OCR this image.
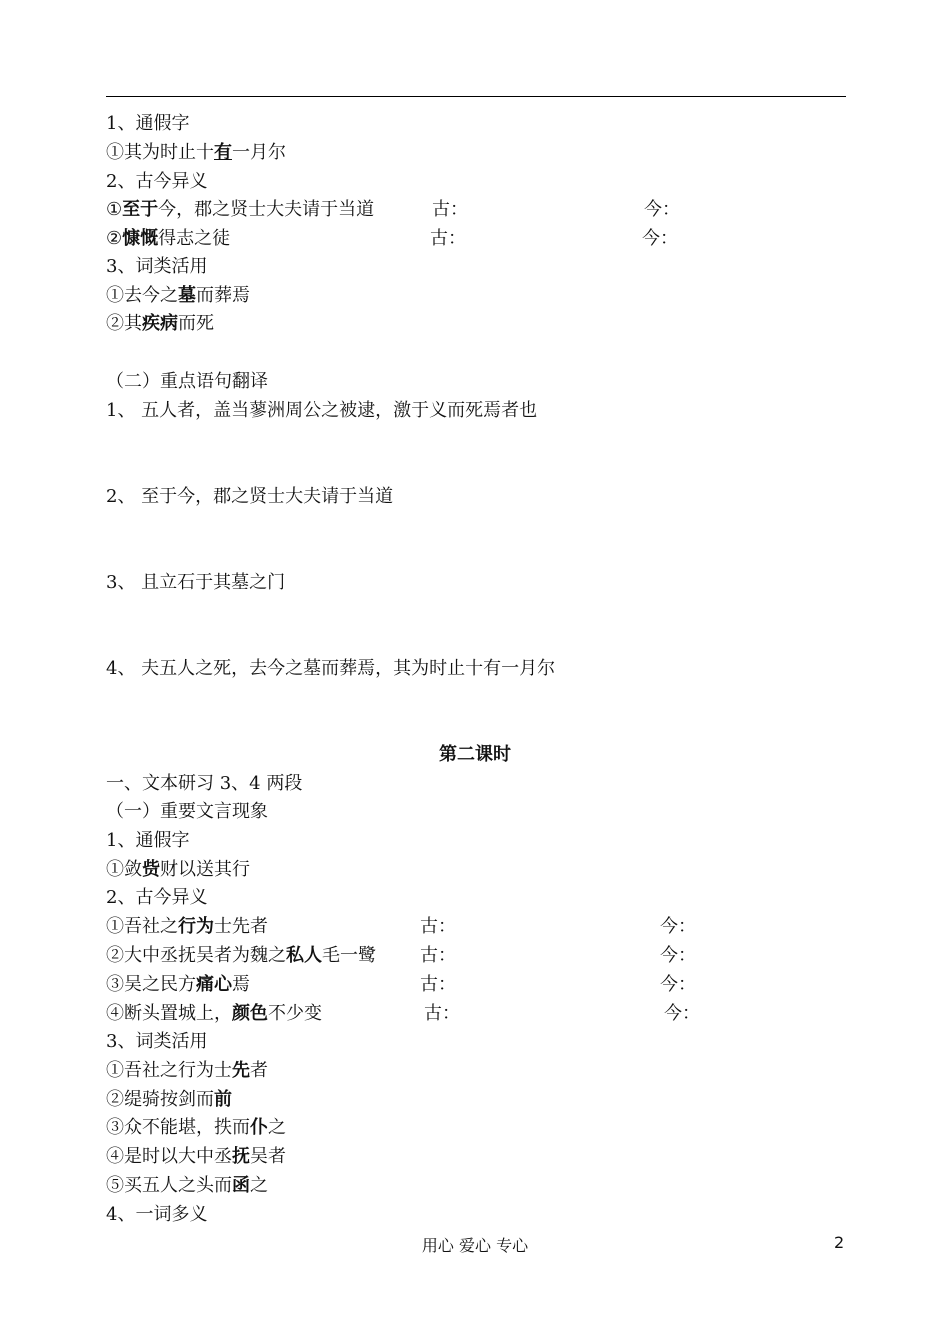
1、通假字
①其为时止十有一月尔
2、古今异义
①至于今，郡之贤士大夫请于当道	古：	今：
②慷慨得志之徒	古：	今：
3、词类活用
①去今之墓而葬焉
②其疾病而死
（二）重点语句翻译
1、 五人者，盖当蓼洲周公之被逮，激于义而死焉者也
2、 至于今，郡之贤士大夫请于当道
3、 且立石于其墓之门
4、 夫五人之死，去今之墓而葬焉，其为时止十有一月尔
第二课时
一、文本研习 3、4 两段
（一）重要文言现象
1、通假字
①敛赀财以送其行
2、古今异义
①吾社之行为士先者	古：	今：
②大中丞抚吴者为魏之私人毛一鹭 古：	今：
③吴之民方痛心焉	古：	今：
④断头置城上，颜色不少变	古：	今：
3、词类活用
①吾社之行为士先者
②缇骑按剑而前
③众不能堪，抶而仆之
④是时以大中丞抚吴者
⑤买五人之头而函之
4、一词多义
用心 爱心 专心	2
